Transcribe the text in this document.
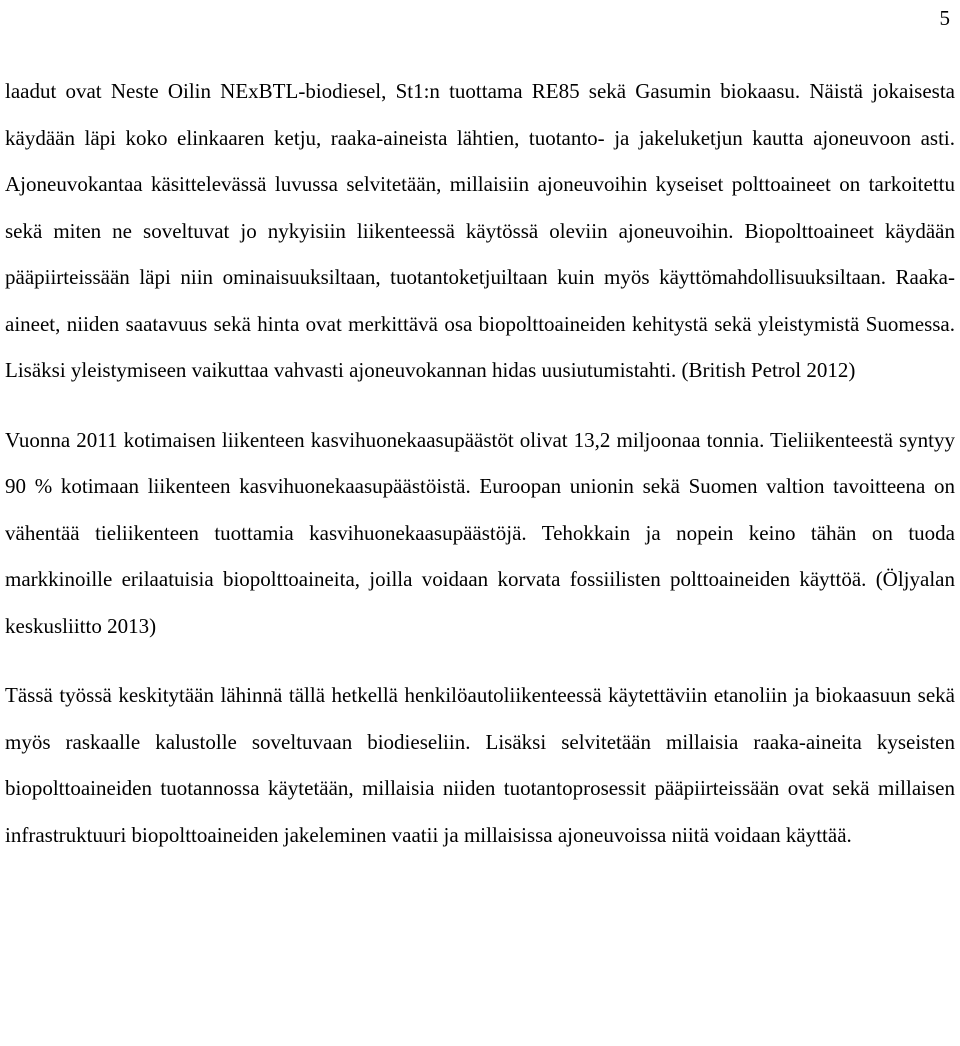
5

laadut ovat Neste Oilin NExBTL-biodiesel, St1:n tuottama RE85 sekä Gasumin biokaasu. Näistä jokaisesta käydään läpi koko elinkaaren ketju, raaka-aineista lähtien, tuotanto- ja jakeluketjun kautta ajoneuvoon asti. Ajoneuvokantaa käsittelevässä luvussa selvitetään, millaisiin ajoneuvoihin kyseiset polttoaineet on tarkoitettu sekä miten ne soveltuvat jo nykyisiin liikenteessä käytössä oleviin ajoneuvoihin. Biopolttoaineet käydään pääpiirteissään läpi niin ominaisuuksiltaan, tuotantoketjuiltaan kuin myös käyttömahdollisuuksiltaan. Raaka-aineet, niiden saatavuus sekä hinta ovat merkittävä osa biopolttoaineiden kehitystä sekä yleistymistä Suomessa. Lisäksi yleistymiseen vaikuttaa vahvasti ajoneuvokannan hidas uusiutumistahti. (British Petrol 2012)

Vuonna 2011 kotimaisen liikenteen kasvihuonekaasupäästöt olivat 13,2 miljoonaa tonnia. Tieliikenteestä syntyy 90 % kotimaan liikenteen kasvihuonekaasupäästöistä. Euroopan unionin sekä Suomen valtion tavoitteena on vähentää tieliikenteen tuottamia kasvihuonekaasupäästöjä. Tehokkain ja nopein keino tähän on tuoda markkinoille erilaatuisia biopolttoaineita, joilla voidaan korvata fossiilisten polttoaineiden käyttöä. (Öljyalan keskusliitto 2013)

Tässä työssä keskitytään lähinnä tällä hetkellä henkilöautoliikenteessä käytettäviin etanoliin ja biokaasuun sekä myös raskaalle kalustolle soveltuvaan biodieseliin. Lisäksi selvitetään millaisia raaka-aineita kyseisten biopolttoaineiden tuotannossa käytetään, millaisia niiden tuotantoprosessit pääpiirteissään ovat sekä millaisen infrastruktuuri biopolttoaineiden jakeleminen vaatii ja millaisissa ajoneuvoissa niitä voidaan käyttää.
